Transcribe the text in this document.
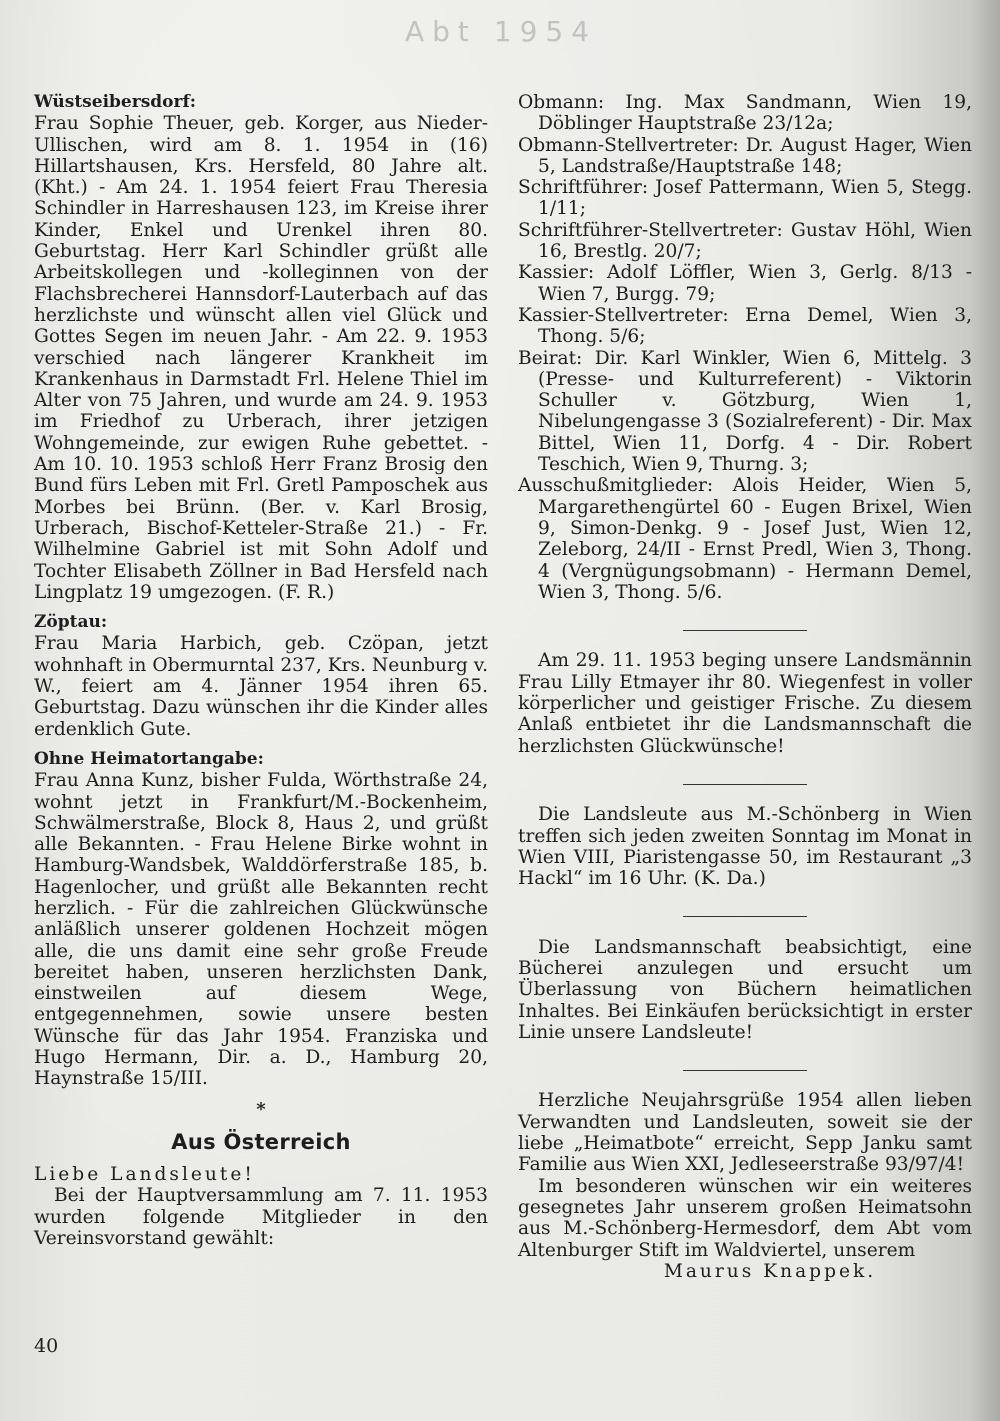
Abt 1954
Wüstseibersdorf:

Frau Sophie Theuer, geb. Korger, aus Nieder-Ullischen, wird am 8. 1. 1954 in (16) Hillartshausen, Krs. Hersfeld, 80 Jahre alt. (Kht.) - Am 24. 1. 1954 feiert Frau Theresia Schindler in Harreshausen 123, im Kreise ihrer Kinder, Enkel und Urenkel ihren 80. Geburtstag. Herr Karl Schindler grüßt alle Arbeitskollegen und -kolleginnen von der Flachsbrecherei Hannsdorf-Lauterbach auf das herzlichste und wünscht allen viel Glück und Gottes Segen im neuen Jahr. - Am 22. 9. 1953 verschied nach längerer Krankheit im Krankenhaus in Darmstadt Frl. Helene Thiel im Alter von 75 Jahren, und wurde am 24. 9. 1953 im Friedhof zu Urberach, ihrer jetzigen Wohngemeinde, zur ewigen Ruhe gebettet. - Am 10. 10. 1953 schloß Herr Franz Brosig den Bund fürs Leben mit Frl. Gretl Pamposchek aus Morbes bei Brünn. (Ber. v. Karl Brosig, Urberach, Bischof-Ketteler-Straße 21.) - Fr. Wilhelmine Gabriel ist mit Sohn Adolf und Tochter Elisabeth Zöllner in Bad Hersfeld nach Lingplatz 19 umgezogen. (F. R.)

Zöptau:

Frau Maria Harbich, geb. Czöpan, jetzt wohnhaft in Obermurntal 237, Krs. Neunburg v. W., feiert am 4. Jänner 1954 ihren 65. Geburtstag. Dazu wünschen ihr die Kinder alles erdenklich Gute.

Ohne Heimatortangabe:

Frau Anna Kunz, bisher Fulda, Wörthstraße 24, wohnt jetzt in Frankfurt/M.-Bockenheim, Schwälmerstraße, Block 8, Haus 2, und grüßt alle Bekannten. - Frau Helene Birke wohnt in Hamburg-Wandsbek, Walddörferstraße 185, b. Hagenlocher, und grüßt alle Bekannten recht herzlich. - Für die zahlreichen Glückwünsche anläßlich unserer goldenen Hochzeit mögen alle, die uns damit eine sehr große Freude bereitet haben, unseren herzlichsten Dank, einstweilen auf diesem Wege, entgegennehmen, sowie unsere besten Wünsche für das Jahr 1954. Franziska und Hugo Hermann, Dir. a. D., Hamburg 20, Haynstraße 15/III.

*
Aus Österreich

Liebe Landsleute!

Bei der Hauptversammlung am 7. 11. 1953 wurden folgende Mitglieder in den Vereinsvorstand gewählt:

Obmann: Ing. Max Sandmann, Wien 19, Döblinger Hauptstraße 23/12a;

Obmann-Stellvertreter: Dr. August Hager, Wien 5, Landstraße/Hauptstraße 148;

Schriftführer: Josef Pattermann, Wien 5, Stegg. 1/11;

Schriftführer-Stellvertreter: Gustav Höhl, Wien 16, Brestlg. 20/7;

Kassier: Adolf Löffler, Wien 3, Gerlg. 8/13 - Wien 7, Burgg. 79;

Kassier-Stellvertreter: Erna Demel, Wien 3, Thong. 5/6;

Beirat: Dir. Karl Winkler, Wien 6, Mittelg. 3 (Presse- und Kulturreferent) - Viktorin Schuller v. Götzburg, Wien 1, Nibelungengasse 3 (Sozialreferent) - Dir. Max Bittel, Wien 11, Dorfg. 4 - Dir. Robert Teschich, Wien 9, Thurng. 3;

Ausschußmitglieder: Alois Heider, Wien 5, Margarethengürtel 60 - Eugen Brixel, Wien 9, Simon-Denkg. 9 - Josef Just, Wien 12, Zeleborg, 24/II - Ernst Predl, Wien 3, Thong. 4 (Vergnügungsobmann) - Hermann Demel, Wien 3, Thong. 5/6.

Am 29. 11. 1953 beging unsere Landsmännin Frau Lilly Etmayer ihr 80. Wiegenfest in voller körperlicher und geistiger Frische. Zu diesem Anlaß entbietet ihr die Landsmannschaft die herzlichsten Glückwünsche!

Die Landsleute aus M.-Schönberg in Wien treffen sich jeden zweiten Sonntag im Monat in Wien VIII, Piaristengasse 50, im Restaurant „3 Hackl“ im 16 Uhr. (K. Da.)

Die Landsmannschaft beabsichtigt, eine Bücherei anzulegen und ersucht um Überlassung von Büchern heimatlichen Inhaltes. Bei Einkäufen berücksichtigt in erster Linie unsere Landsleute!

Herzliche Neujahrsgrüße 1954 allen lieben Verwandten und Landsleuten, soweit sie der liebe „Heimatbote“ erreicht, Sepp Janku samt Familie aus Wien XXI, Jedleseerstraße 93/97/4!

Im besonderen wünschen wir ein weiteres gesegnetes Jahr unserem großen Heimatsohn aus M.-Schönberg-Hermesdorf, dem Abt vom Altenburger Stift im Waldviertel, unserem

Maurus Knappek.

40
